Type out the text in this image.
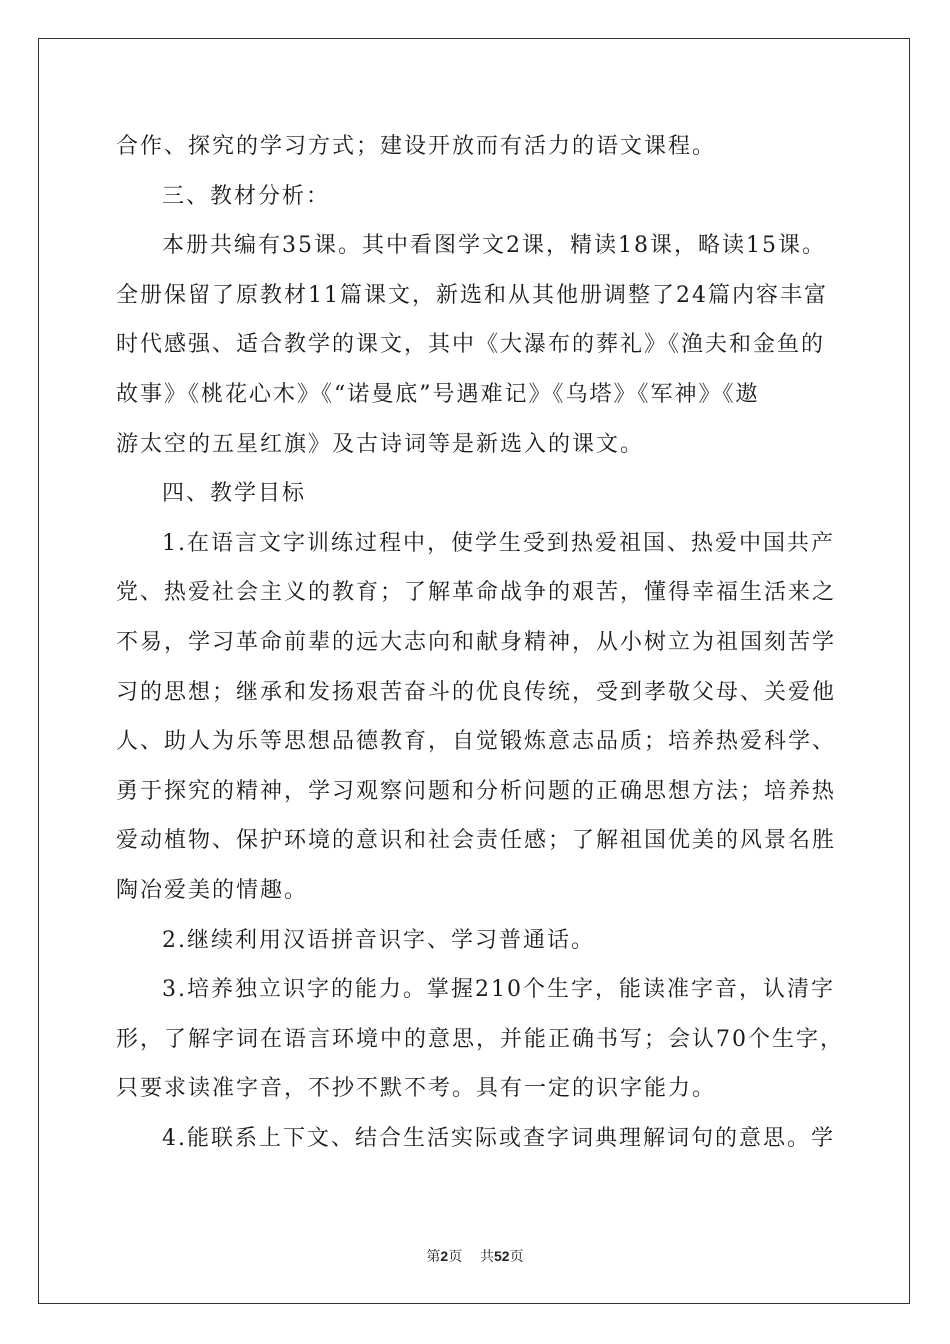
合作、探究的学习方式；建设开放而有活力的语文课程。
三、教材分析：
本册共编有35课。其中看图学文2课，精读18课，略读15课。
全册保留了原教材11篇课文，新选和从其他册调整了24篇内容丰富
时代感强、适合教学的课文，其中《大瀑布的葬礼》《渔夫和金鱼的
故事》《桃花心木》《“诺曼底”号遇难记》《乌塔》《军神》《遨
游太空的五星红旗》及古诗词等是新选入的课文。
四、教学目标
1.在语言文字训练过程中，使学生受到热爱祖国、热爱中国共产
党、热爱社会主义的教育；了解革命战争的艰苦，懂得幸福生活来之
不易，学习革命前辈的远大志向和献身精神，从小树立为祖国刻苦学
习的思想；继承和发扬艰苦奋斗的优良传统，受到孝敬父母、关爱他
人、助人为乐等思想品德教育，自觉锻炼意志品质；培养热爱科学、
勇于探究的精神，学习观察问题和分析问题的正确思想方法；培养热
爱动植物、保护环境的意识和社会责任感；了解祖国优美的风景名胜
陶冶爱美的情趣。
2.继续利用汉语拼音识字、学习普通话。
3.培养独立识字的能力。掌握210个生字，能读准字音，认清字
形，了解字词在语言环境中的意思，并能正确书写；会认70个生字，
只要求读准字音，不抄不默不考。具有一定的识字能力。
4.能联系上下文、结合生活实际或查字词典理解词句的意思。学
第2页 共52页
